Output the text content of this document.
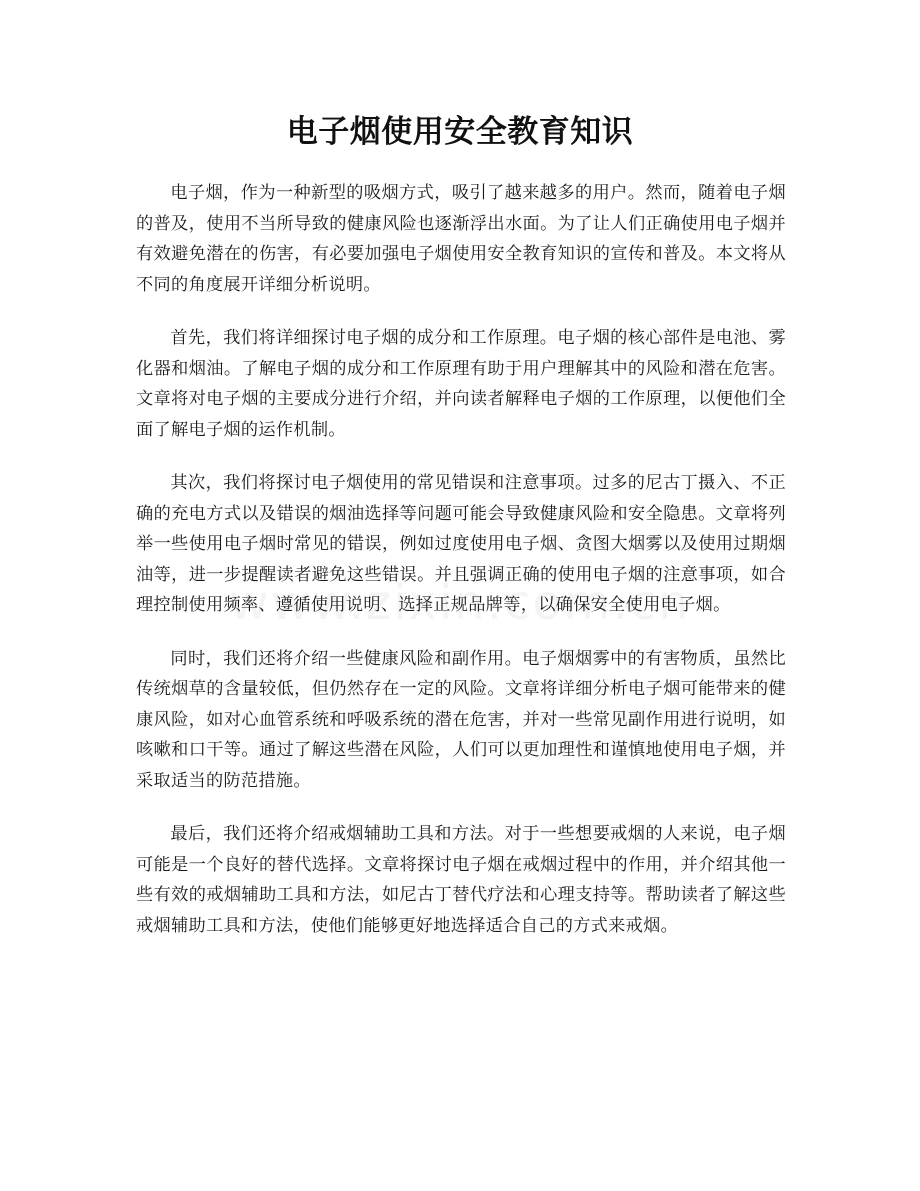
电子烟使用安全教育知识

电子烟，作为一种新型的吸烟方式，吸引了越来越多的用户。然而，随着电子烟的普及，使用不当所导致的健康风险也逐渐浮出水面。为了让人们正确使用电子烟并有效避免潜在的伤害，有必要加强电子烟使用安全教育知识的宣传和普及。本文将从不同的角度展开详细分析说明。

首先，我们将详细探讨电子烟的成分和工作原理。电子烟的核心部件是电池、雾化器和烟油。了解电子烟的成分和工作原理有助于用户理解其中的风险和潜在危害。文章将对电子烟的主要成分进行介绍，并向读者解释电子烟的工作原理，以便他们全面了解电子烟的运作机制。

其次，我们将探讨电子烟使用的常见错误和注意事项。过多的尼古丁摄入、不正确的充电方式以及错误的烟油选择等问题可能会导致健康风险和安全隐患。文章将列举一些使用电子烟时常见的错误，例如过度使用电子烟、贪图大烟雾以及使用过期烟油等，进一步提醒读者避免这些错误。并且强调正确的使用电子烟的注意事项，如合理控制使用频率、遵循使用说明、选择正规品牌等，以确保安全使用电子烟。

同时，我们还将介绍一些健康风险和副作用。电子烟烟雾中的有害物质，虽然比传统烟草的含量较低，但仍然存在一定的风险。文章将详细分析电子烟可能带来的健康风险，如对心血管系统和呼吸系统的潜在危害，并对一些常见副作用进行说明，如咳嗽和口干等。通过了解这些潜在风险，人们可以更加理性和谨慎地使用电子烟，并采取适当的防范措施。

最后，我们还将介绍戒烟辅助工具和方法。对于一些想要戒烟的人来说，电子烟可能是一个良好的替代选择。文章将探讨电子烟在戒烟过程中的作用，并介绍其他一些有效的戒烟辅助工具和方法，如尼古丁替代疗法和心理支持等。帮助读者了解这些戒烟辅助工具和方法，使他们能够更好地选择适合自己的方式来戒烟。
